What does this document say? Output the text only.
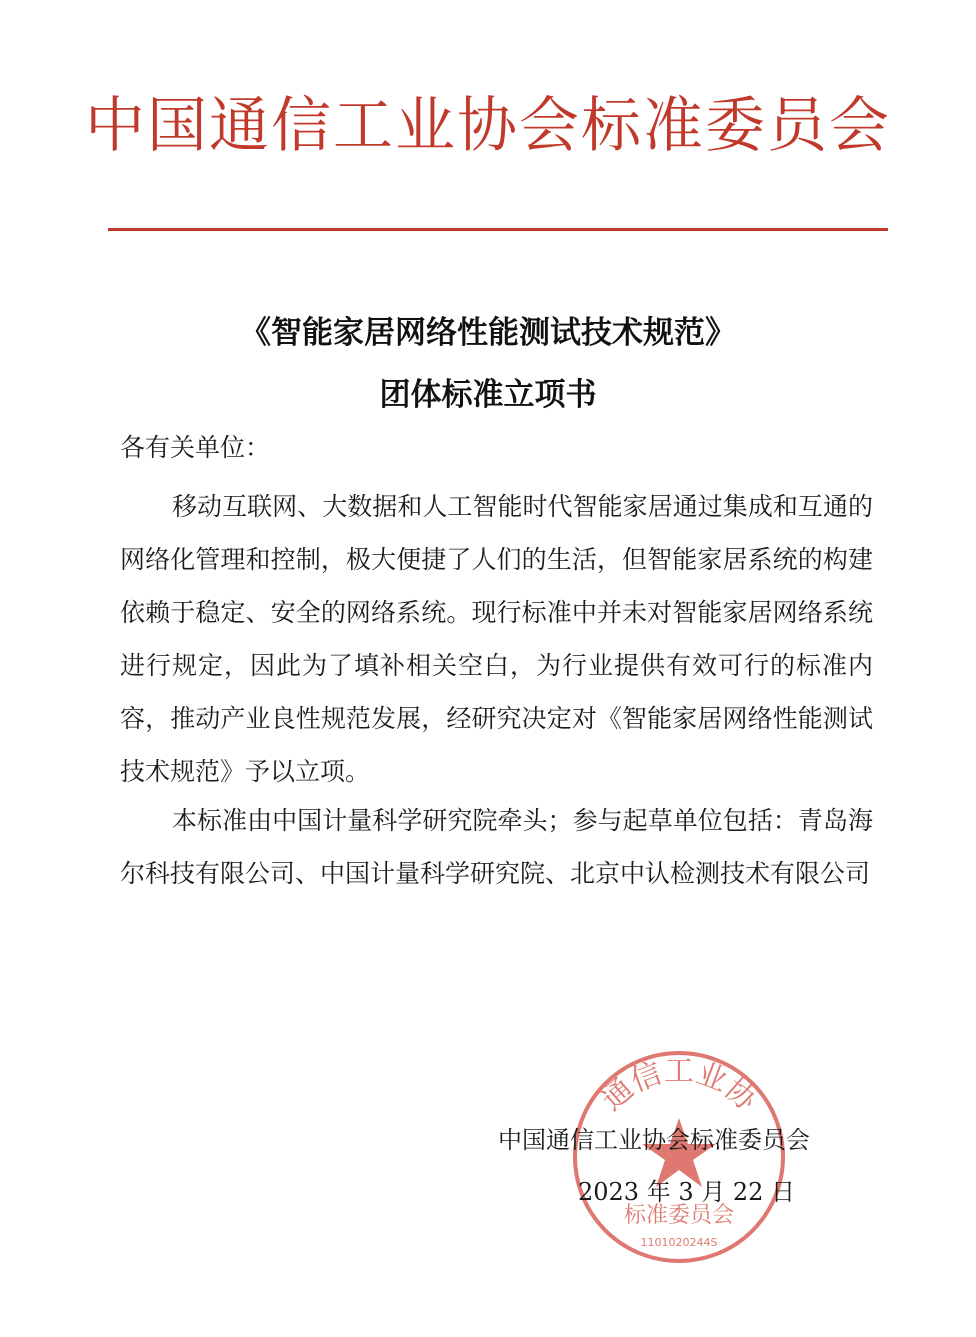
中国通信工业协会标准委员会
《智能家居网络性能测试技术规范》
团体标准立项书
各有关单位：

移动互联网、大数据和人工智能时代智能家居通过集成和互通的网络化管理和控制，极大便捷了人们的生活，但智能家居系统的构建依赖于稳定、安全的网络系统。现行标准中并未对智能家居网络系统进行规定，因此为了填补相关空白，为行业提供有效可行的标准内容，推动产业良性规范发展，经研究决定对《智能家居网络性能测试技术规范》予以立项。

本标准由中国计量科学研究院牵头；参与起草单位包括：青岛海尔科技有限公司、中国计量科学研究院、北京中认检测技术有限公司

通信工业协
标准委员会
1101020244S
中国通信工业协会标准委员会
2023 年 3 月 22 日
